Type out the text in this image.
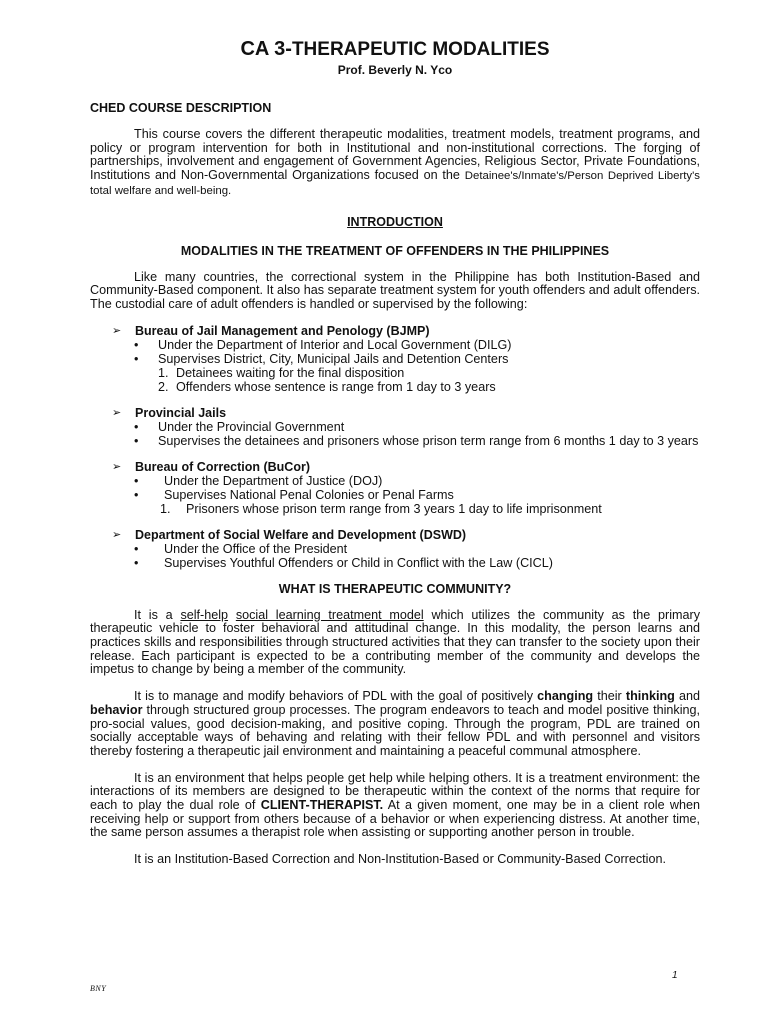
CA 3-THERAPEUTIC MODALITIES
Prof. Beverly N. Yco
CHED COURSE DESCRIPTION

This course covers the different therapeutic modalities, treatment models, treatment programs, and policy or program intervention for both in Institutional and non-institutional corrections. The forging of partnerships, involvement and engagement of Government Agencies, Religious Sector, Private Foundations, Institutions and Non-Governmental Organizations focused on the Detainee's/Inmate's/Person Deprived Liberty's total welfare and well-being.

INTRODUCTION
MODALITIES IN THE TREATMENT OF OFFENDERS IN THE PHILIPPINES

Like many countries, the correctional system in the Philippine has both Institution-Based and Community-Based component. It also has separate treatment system for youth offenders and adult offenders. The custodial care of adult offenders is handled or supervised by the following:

➢ Bureau of Jail Management and Penology (BJMP)
• Under the Department of Interior and Local Government (DILG)
• Supervises District, City, Municipal Jails and Detention Centers
1. Detainees waiting for the final disposition
2. Offenders whose sentence is range from 1 day to 3 years
➢ Provincial Jails
• Under the Provincial Government
• Supervises the detainees and prisoners whose prison term range from 6 months 1 day to 3 years
➢ Bureau of Correction (BuCor)
• Under the Department of Justice (DOJ)
• Supervises National Penal Colonies or Penal Farms
1. Prisoners whose prison term range from 3 years 1 day to life imprisonment
➢ Department of Social Welfare and Development (DSWD)
• Under the Office of the President
• Supervises Youthful Offenders or Child in Conflict with the Law (CICL)
WHAT IS THERAPEUTIC COMMUNITY?

It is a self-help social learning treatment model which utilizes the community as the primary therapeutic vehicle to foster behavioral and attitudinal change. In this modality, the person learns and practices skills and responsibilities through structured activities that they can transfer to the society upon their release. Each participant is expected to be a contributing member of the community and develops the impetus to change by being a member of the community.

It is to manage and modify behaviors of PDL with the goal of positively changing their thinking and behavior through structured group processes. The program endeavors to teach and model positive thinking, pro-social values, good decision-making, and positive coping. Through the program, PDL are trained on socially acceptable ways of behaving and relating with their fellow PDL and with personnel and visitors thereby fostering a therapeutic jail environment and maintaining a peaceful communal atmosphere.

It is an environment that helps people get help while helping others. It is a treatment environment: the interactions of its members are designed to be therapeutic within the context of the norms that require for each to play the dual role of CLIENT-THERAPIST. At a given moment, one may be in a client role when receiving help or support from others because of a behavior or when experiencing distress. At another time, the same person assumes a therapist role when assisting or supporting another person in trouble.

It is an Institution-Based Correction and Non-Institution-Based or Community-Based Correction.

1
BNY
